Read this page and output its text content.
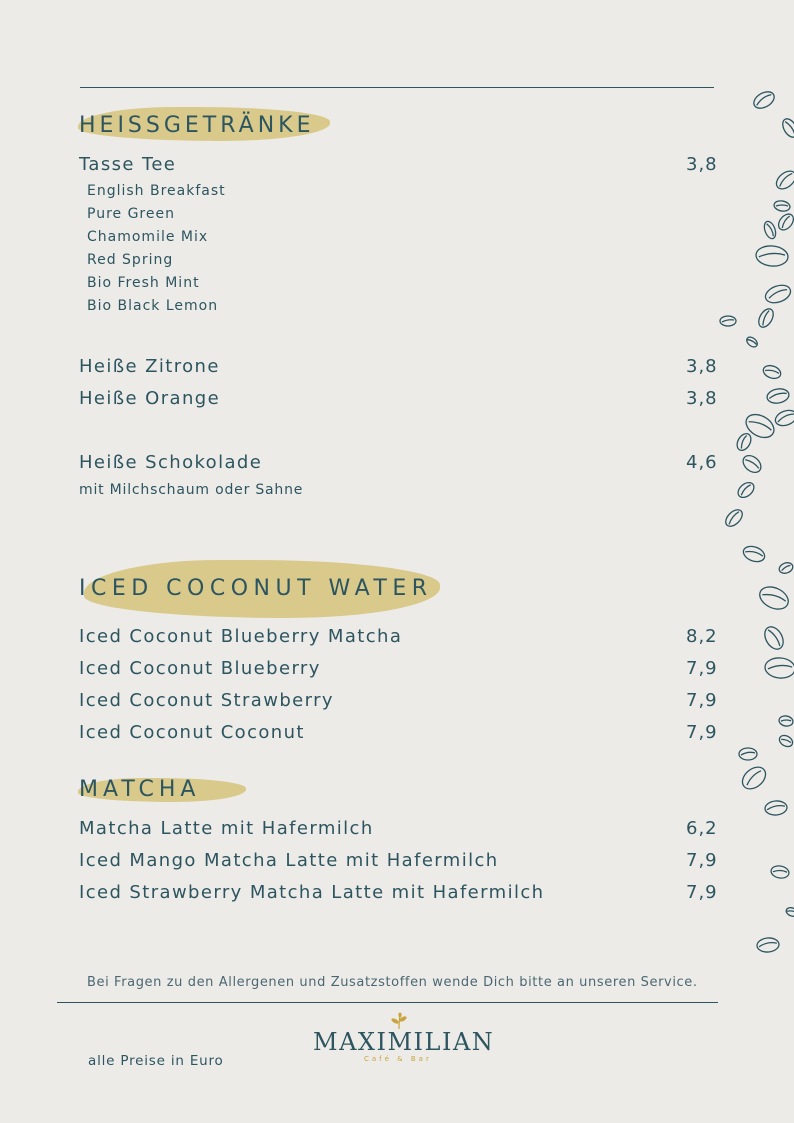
HEISSGETRÄNKE
Tasse Tee	3,8
English Breakfast
Pure Green
Chamomile Mix
Red Spring
Bio Fresh Mint
Bio Black Lemon
Heiße Zitrone	3,8
Heiße Orange	3,8
Heiße Schokolade	4,6
mit Milchschaum oder Sahne
ICED COCONUT WATER
Iced Coconut Blueberry Matcha	8,2
Iced Coconut Blueberry	7,9
Iced Coconut Strawberry	7,9
Iced Coconut Coconut	7,9
MATCHA
Matcha Latte mit Hafermilch	6,2
Iced Mango Matcha Latte mit Hafermilch	7,9
Iced Strawberry Matcha Latte mit Hafermilch	7,9
Bei Fragen zu den Allergenen und Zusatzstoffen wende Dich bitte an unseren Service.
alle Preise in Euro
MAXIMILIAN
Café & Bar
